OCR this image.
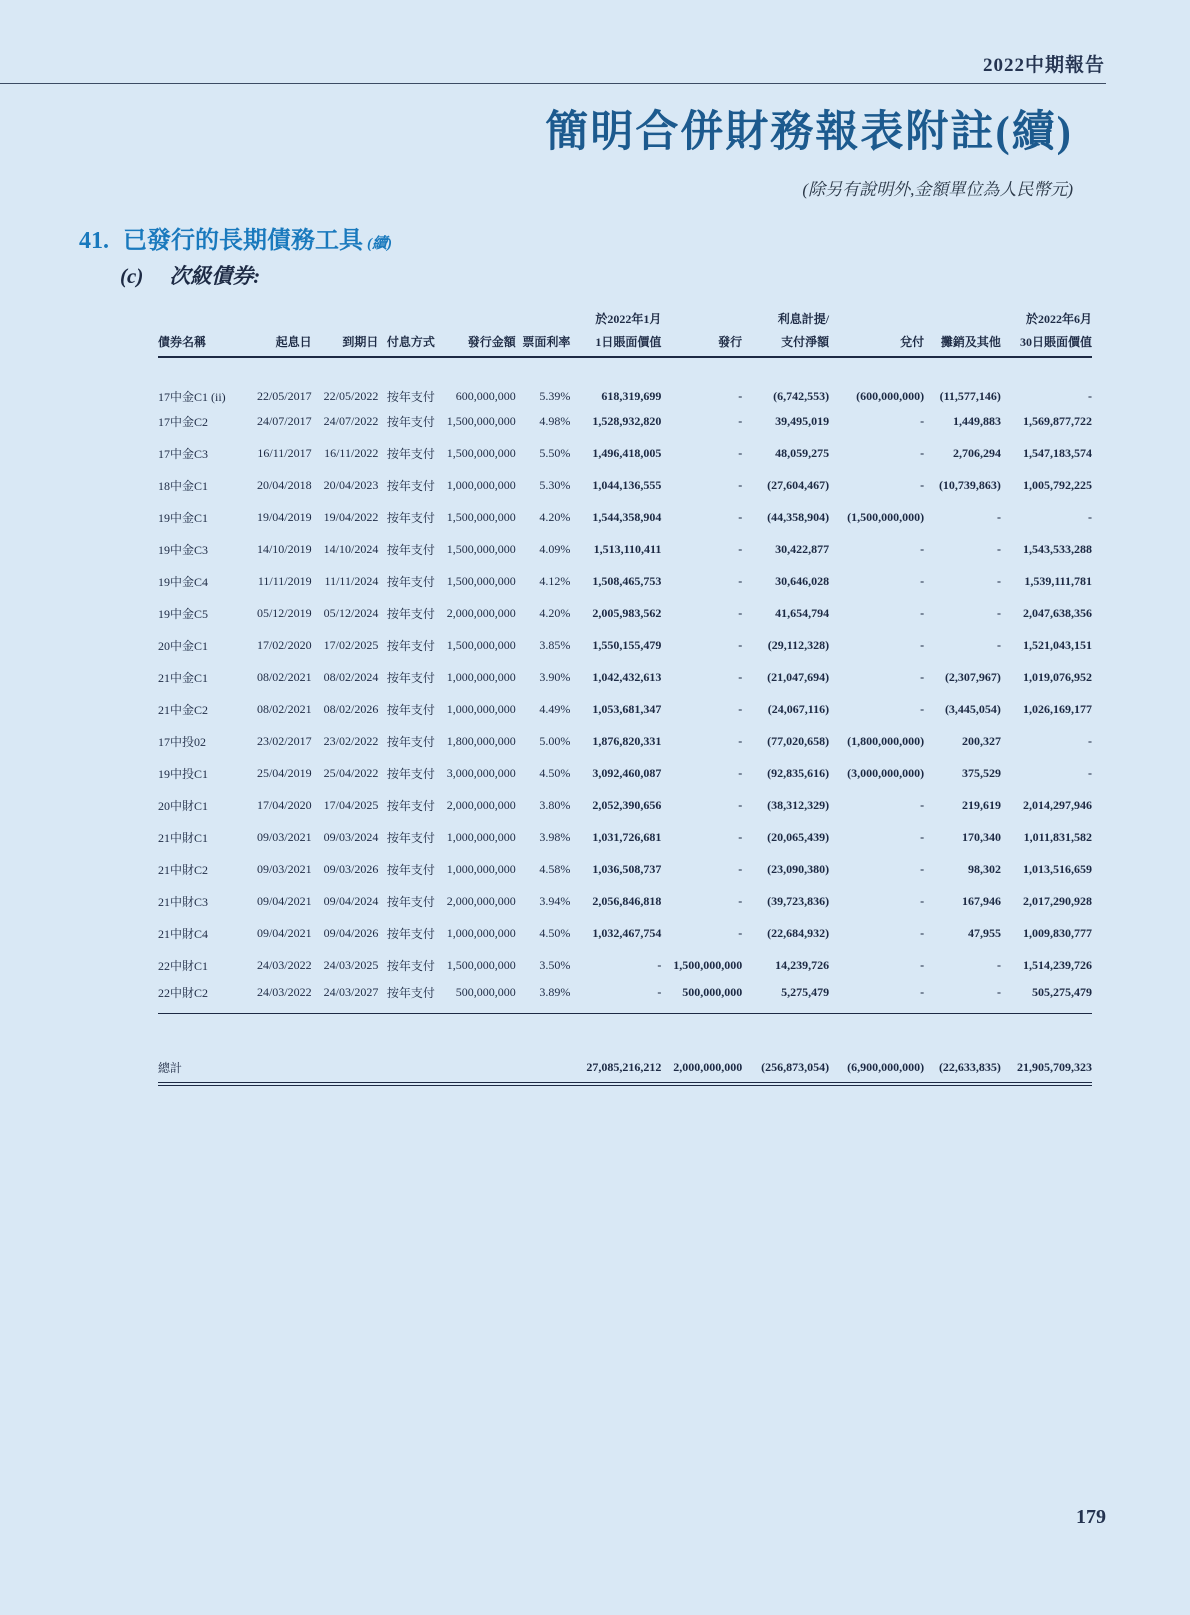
2022中期報告
簡明合併財務報表附註(續)
(除另有說明外,金額單位為人民幣元)
41. 已發行的長期債務工具 (續)
(c) 次級債券:
						於2022年1月		利息計提/			於2022年6月
債券名稱	起息日	到期日	付息方式	發行金額	票面利率	1日賬面價值	發行	支付淨額	兌付	攤銷及其他	30日賬面價值
17中金C1 (ii)	22/05/2017	22/05/2022	按年支付	600,000,000	5.39%	618,319,699	-	(6,742,553)	(600,000,000)	(11,577,146)	-
17中金C2	24/07/2017	24/07/2022	按年支付	1,500,000,000	4.98%	1,528,932,820	-	39,495,019	-	1,449,883	1,569,877,722
17中金C3	16/11/2017	16/11/2022	按年支付	1,500,000,000	5.50%	1,496,418,005	-	48,059,275	-	2,706,294	1,547,183,574
18中金C1	20/04/2018	20/04/2023	按年支付	1,000,000,000	5.30%	1,044,136,555	-	(27,604,467)	-	(10,739,863)	1,005,792,225
19中金C1	19/04/2019	19/04/2022	按年支付	1,500,000,000	4.20%	1,544,358,904	-	(44,358,904)	(1,500,000,000)	-	-
19中金C3	14/10/2019	14/10/2024	按年支付	1,500,000,000	4.09%	1,513,110,411	-	30,422,877	-	-	1,543,533,288
19中金C4	11/11/2019	11/11/2024	按年支付	1,500,000,000	4.12%	1,508,465,753	-	30,646,028	-	-	1,539,111,781
19中金C5	05/12/2019	05/12/2024	按年支付	2,000,000,000	4.20%	2,005,983,562	-	41,654,794	-	-	2,047,638,356
20中金C1	17/02/2020	17/02/2025	按年支付	1,500,000,000	3.85%	1,550,155,479	-	(29,112,328)	-	-	1,521,043,151
21中金C1	08/02/2021	08/02/2024	按年支付	1,000,000,000	3.90%	1,042,432,613	-	(21,047,694)	-	(2,307,967)	1,019,076,952
21中金C2	08/02/2021	08/02/2026	按年支付	1,000,000,000	4.49%	1,053,681,347	-	(24,067,116)	-	(3,445,054)	1,026,169,177
17中投02	23/02/2017	23/02/2022	按年支付	1,800,000,000	5.00%	1,876,820,331	-	(77,020,658)	(1,800,000,000)	200,327	-
19中投C1	25/04/2019	25/04/2022	按年支付	3,000,000,000	4.50%	3,092,460,087	-	(92,835,616)	(3,000,000,000)	375,529	-
20中財C1	17/04/2020	17/04/2025	按年支付	2,000,000,000	3.80%	2,052,390,656	-	(38,312,329)	-	219,619	2,014,297,946
21中財C1	09/03/2021	09/03/2024	按年支付	1,000,000,000	3.98%	1,031,726,681	-	(20,065,439)	-	170,340	1,011,831,582
21中財C2	09/03/2021	09/03/2026	按年支付	1,000,000,000	4.58%	1,036,508,737	-	(23,090,380)	-	98,302	1,013,516,659
21中財C3	09/04/2021	09/04/2024	按年支付	2,000,000,000	3.94%	2,056,846,818	-	(39,723,836)	-	167,946	2,017,290,928
21中財C4	09/04/2021	09/04/2026	按年支付	1,000,000,000	4.50%	1,032,467,754	-	(22,684,932)	-	47,955	1,009,830,777
22中財C1	24/03/2022	24/03/2025	按年支付	1,500,000,000	3.50%	-	1,500,000,000	14,239,726	-	-	1,514,239,726
22中財C2	24/03/2022	24/03/2027	按年支付	500,000,000	3.89%	-	500,000,000	5,275,479	-	-	505,275,479
總計						27,085,216,212	2,000,000,000	(256,873,054)	(6,900,000,000)	(22,633,835)	21,905,709,323
179
